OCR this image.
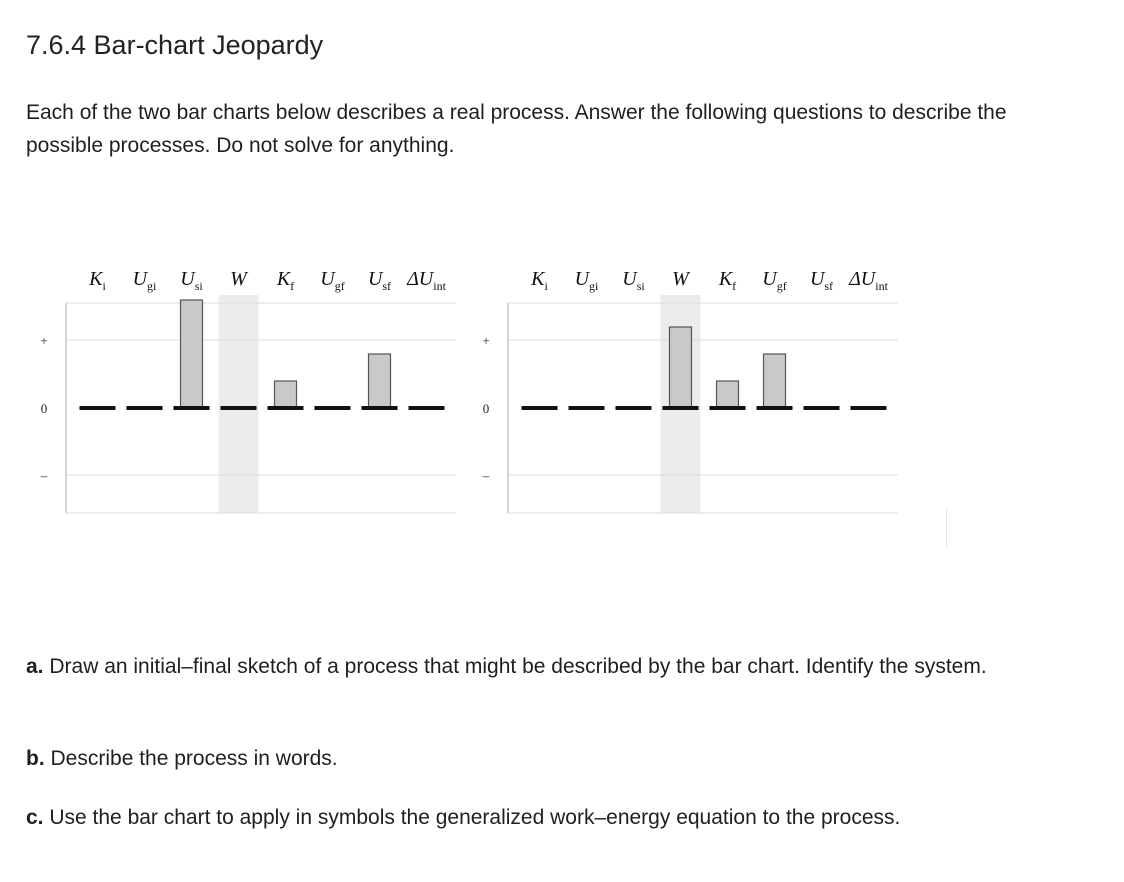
7.6.4 Bar-chart Jeopardy

Each of the two bar charts below describes a real process. Answer the following questions to describe the possible processes. Do not solve for anything.

+
0
–
$K_i$ $U_{gi}$ $U_{si}$ W $K_f$ $U_{gf}$ $U_{sf}$ $\Delta U_{int}$
+
0
–
$K_i$ $U_{gi}$ $U_{si}$ W $K_f$ $U_{gf}$ $U_{sf}$ $\Delta U_{int}$

a. Draw an initial–final sketch of a process that might be described by the bar chart. Identify the system.

b. Describe the process in words.

c. Use the bar chart to apply in symbols the generalized work–energy equation to the process.
